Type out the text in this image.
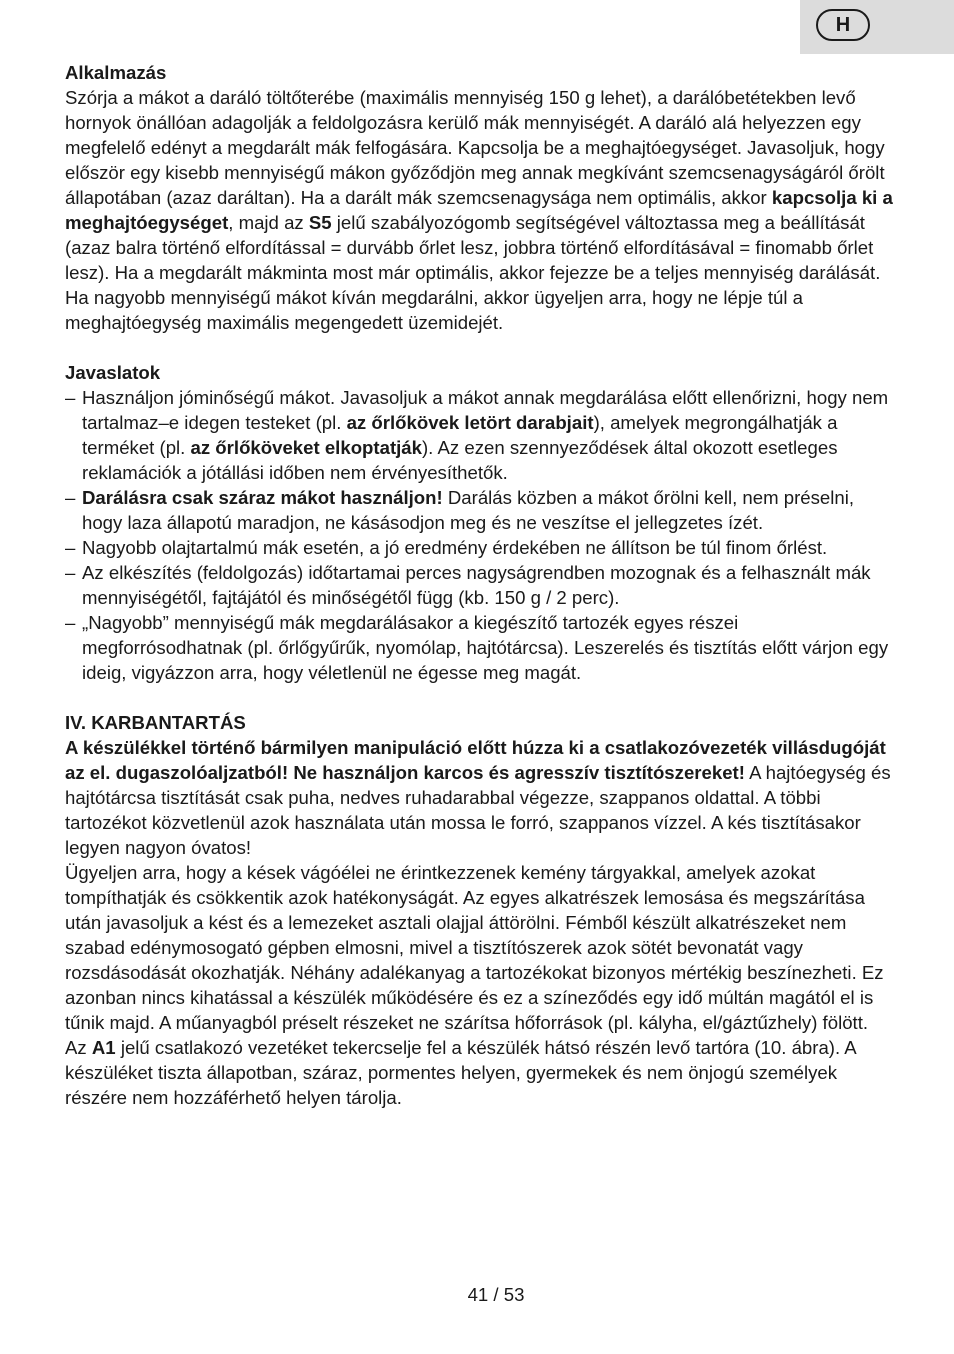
H

Alkalmazás

Szórja a mákot a daráló töltőterébe (maximális mennyiség 150 g lehet), a darálóbetétekben levő hornyok önállóan adagolják a feldolgozásra kerülő mák mennyiségét. A daráló alá helyezzen egy megfelelő edényt a megdarált mák felfogására. Kapcsolja be a meghajtóegységet. Javasoljuk, hogy először egy kisebb mennyiségű mákon győződjön meg annak megkívánt szemcsenagyságáról őrölt állapotában (azaz daráltan). Ha a darált mák szemcsenagysága nem optimális, akkor kapcsolja ki a meghajtóegységet, majd az S5 jelű szabályozógomb segítségével változtassa meg a beállítását (azaz balra történő elfordítással = durvább őrlet lesz, jobbra történő elfordításával = finomabb őrlet lesz). Ha a megdarált mákminta most már optimális, akkor fejezze be a teljes mennyiség darálását. Ha nagyobb mennyiségű mákot kíván megdarálni, akkor ügyeljen arra, hogy ne lépje túl a meghajtóegység maximális megengedett üzemidejét.

Javaslatok

– Használjon jóminőségű mákot. Javasoljuk a mákot annak megdarálása előtt ellenőrizni, hogy nem tartalmaz–e idegen testeket (pl. az őrlőkövek letört darabjait), amelyek megrongálhatják a terméket (pl. az őrlőköveket elkoptatják). Az ezen szennyeződések által okozott esetleges reklamációk a jótállási időben nem érvényesíthetők.
– Darálásra csak száraz mákot használjon! Darálás közben a mákot őrölni kell, nem préselni, hogy laza állapotú maradjon, ne kásásodjon meg és ne veszítse el jellegzetes ízét.
– Nagyobb olajtartalmú mák esetén, a jó eredmény érdekében ne állítson be túl finom őrlést.
– Az elkészítés (feldolgozás) időtartamai perces nagyságrendben mozognak és a felhasznált mák mennyiségétől, fajtájától és minőségétől függ (kb. 150 g / 2 perc).
– „Nagyobb” mennyiségű mák megdarálásakor a kiegészítő tartozék egyes részei megforrósodhatnak (pl. őrlőgyűrűk, nyomólap, hajtótárcsa). Leszerelés és tisztítás előtt várjon egy ideig, vigyázzon arra, hogy véletlenül ne égesse meg magát.

IV. KARBANTARTÁS

A készülékkel történő bármilyen manipuláció előtt húzza ki a csatlakozóvezeték villásdugóját az el. dugaszolóaljzatból! Ne használjon karcos és agresszív tisztítószereket! A hajtóegység és hajtótárcsa tisztítását csak puha, nedves ruhadarabbal végezze, szappanos oldattal. A többi tartozékot közvetlenül azok használata után mossa le forró, szappanos vízzel. A kés tisztításakor legyen nagyon óvatos!

Ügyeljen arra, hogy a kések vágóélei ne érintkezzenek kemény tárgyakkal, amelyek azokat tompíthatják és csökkentik azok hatékonyságát. Az egyes alkatrészek lemosása és megszárítása után javasoljuk a kést és a lemezeket asztali olajjal áttörölni. Fémből készült alkatrészeket nem szabad edénymosogató gépben elmosni, mivel a tisztítószerek azok sötét bevonatát vagy rozsdásodását okozhatják. Néhány adalékanyag a tartozékokat bizonyos mértékig beszínezheti. Ez azonban nincs kihatással a készülék működésére és ez a színeződés egy idő múltán magától el is tűnik majd. A műanyagból préselt részeket ne szárítsa hőforrások (pl. kályha, el/gáztűzhely) fölött.

Az A1 jelű csatlakozó vezetéket tekercselje fel a készülék hátsó részén levő tartóra (10. ábra). A készüléket tiszta állapotban, száraz, pormentes helyen, gyermekek és nem önjogú személyek részére nem hozzáférhető helyen tárolja.

41 / 53
